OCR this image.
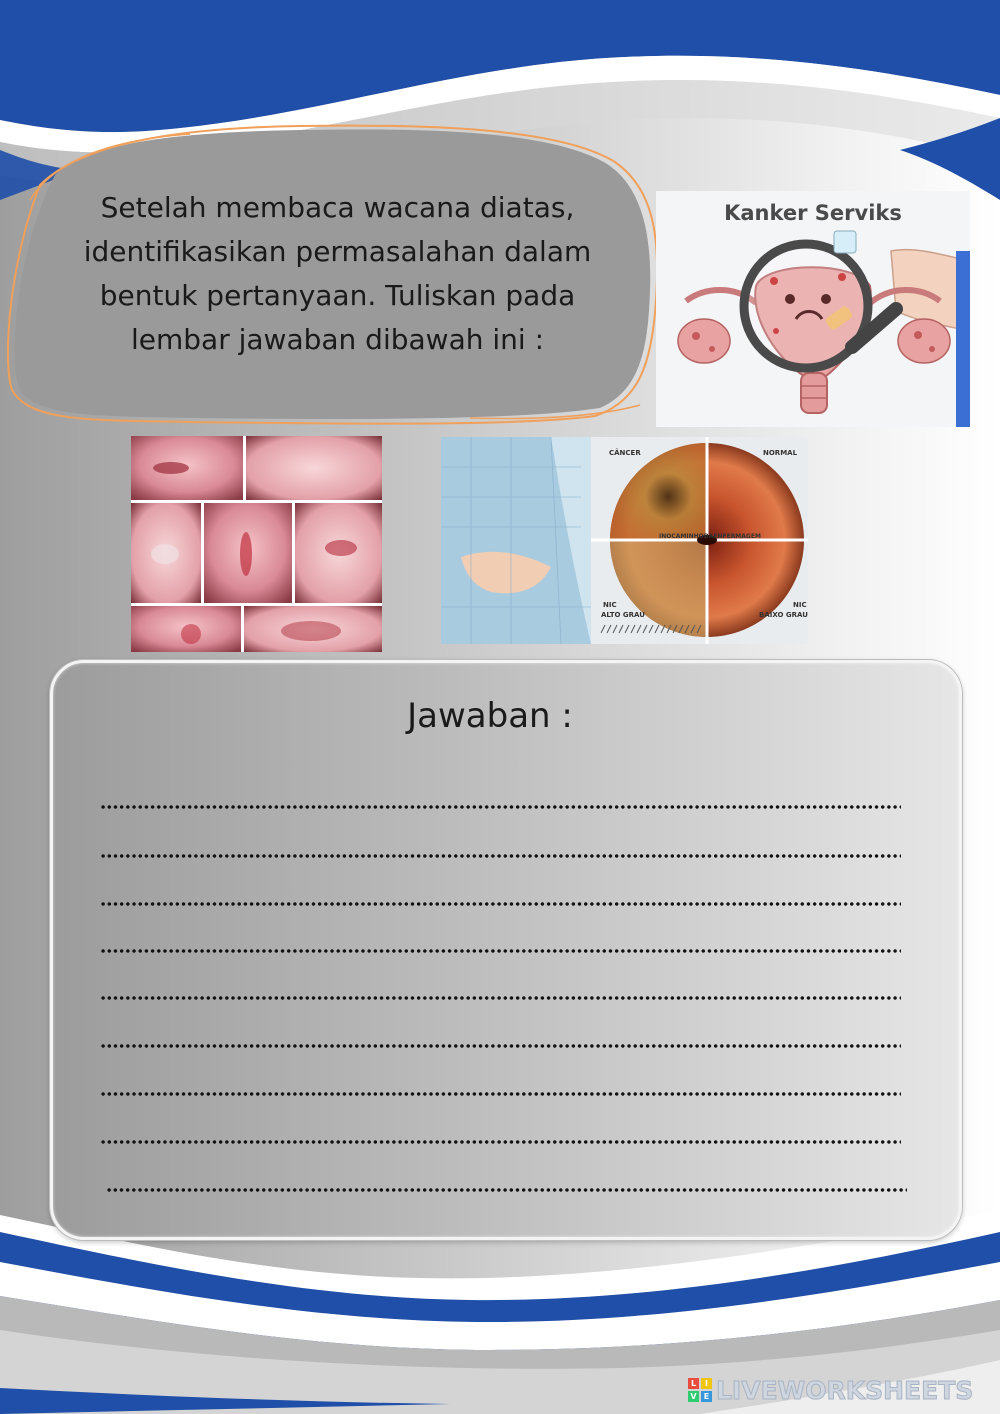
Setelah membaca wacana diatas,
identifikasikan permasalahan dalam
bentuk pertanyaan. Tuliskan pada
lembar jawaban dibawah ini :
Kanker Serviks
CÂNCER	NORMAL
INOCAMINHODAENFERMAGEM
NIC
ALTO GRAU
NIC
BAIXO GRAU
Jawaban :
L	I
V E LIVEWORKSHEETS
